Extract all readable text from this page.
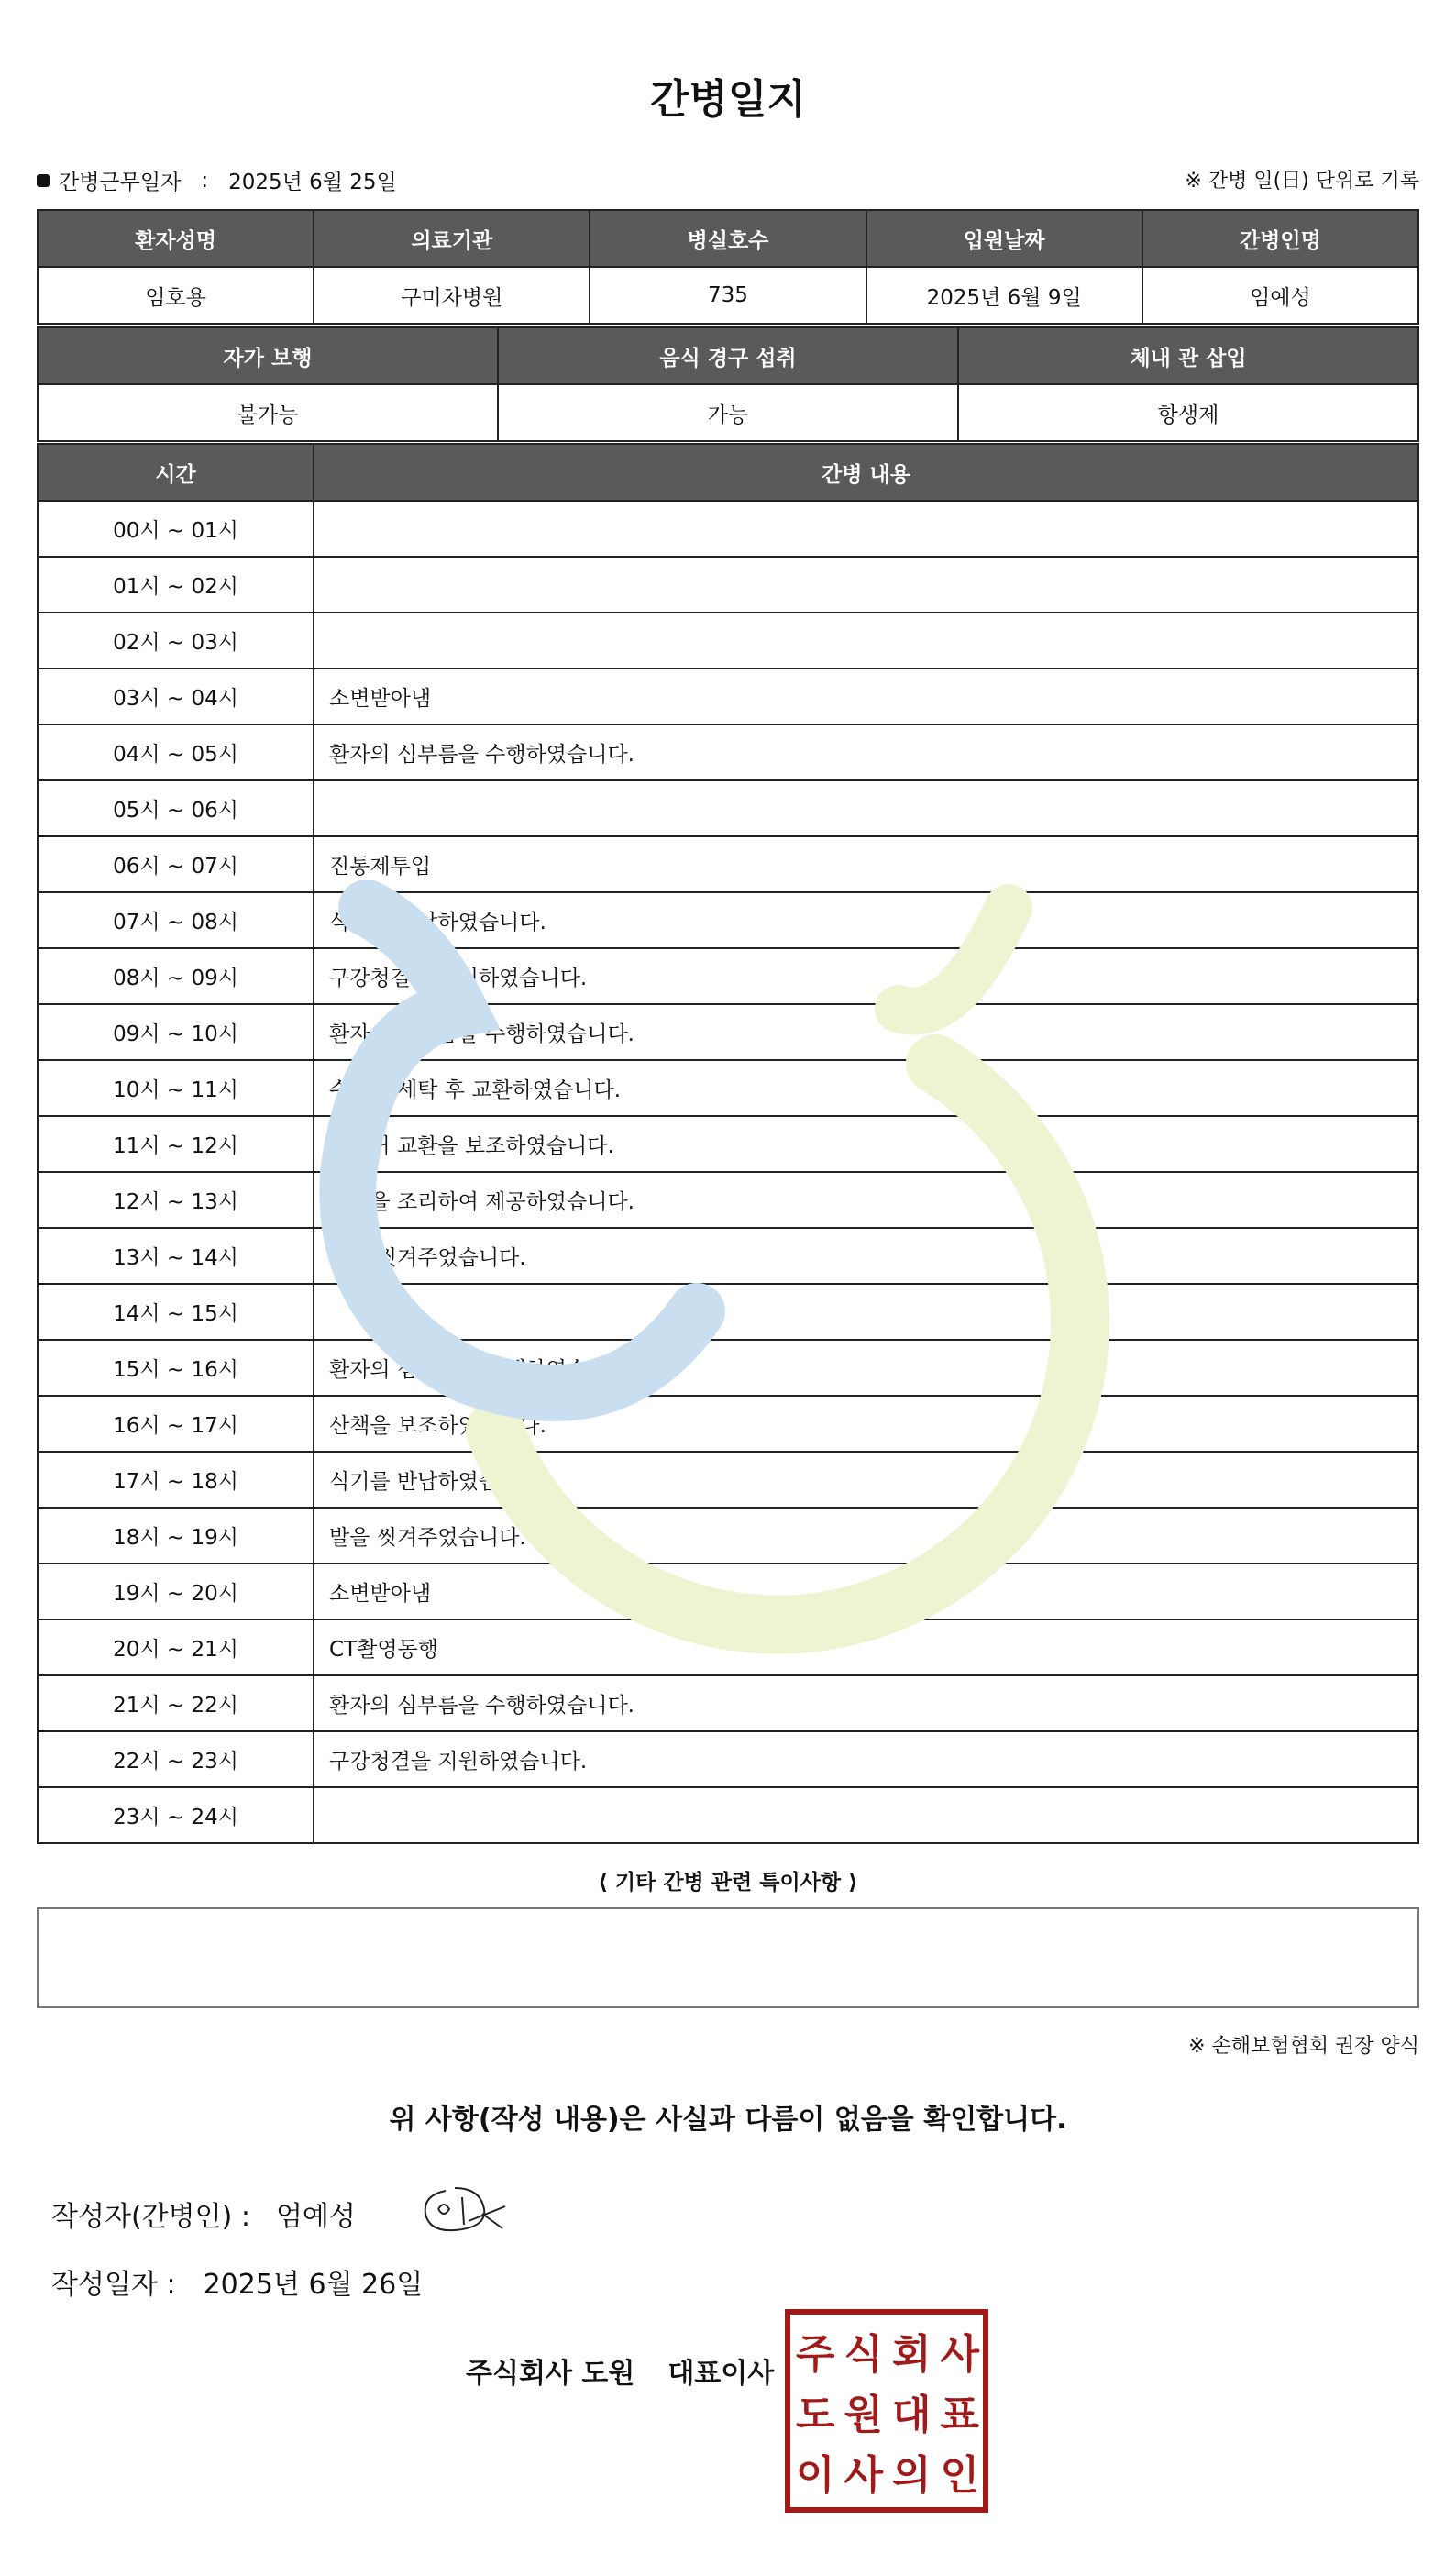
간병일지
간병근무일자 : 2025년 6월 25일	※ 간병 일(日) 단위로 기록
환자성명	의료기관	병실호수	입원날짜	간병인명
엄호용	구미차병원	735	2025년 6월 9일	엄예성
자가 보행	음식 경구 섭취	체내 관 삽입
불가능	가능	항생제
시간	간병 내용
00시 ~ 01시	
01시 ~ 02시	
02시 ~ 03시	
03시 ~ 04시	소변받아냄
04시 ~ 05시	환자의 심부름을 수행하였습니다.
05시 ~ 06시	
06시 ~ 07시	진통제투입
07시 ~ 08시	식기를 반납하였습니다.
08시 ~ 09시	구강청결을 지원하였습니다.
09시 ~ 10시	환자의 심부름을 수행하였습니다.
10시 ~ 11시	수건을 세탁 후 교환하였습니다.
11시 ~ 12시	기저귀 교환을 보조하였습니다.
12시 ~ 13시	반찬을 조리하여 제공하였습니다.
13시 ~ 14시	발을 씻겨주었습니다.
14시 ~ 15시	
15시 ~ 16시	환자의 심부름을 수행하였습니다.
16시 ~ 17시	산책을 보조하였습니다.
17시 ~ 18시	식기를 반납하였습니다.
18시 ~ 19시	발을 씻겨주었습니다.
19시 ~ 20시	소변받아냄
20시 ~ 21시	CT촬영동행
21시 ~ 22시	환자의 심부름을 수행하였습니다.
22시 ~ 23시	구강청결을 지원하였습니다.
23시 ~ 24시	
⟨ 기타 간병 관련 특이사항 ⟩
※ 손해보험협회 권장 양식
위 사항(작성 내용)은 사실과 다름이 없음을 확인합니다.
작성자(간병인) : 엄예성
작성일자 : 2025년 6월 26일
주식회사 도원 대표이사 주 식 회 사
도 원 대 표
이 사 의 인
